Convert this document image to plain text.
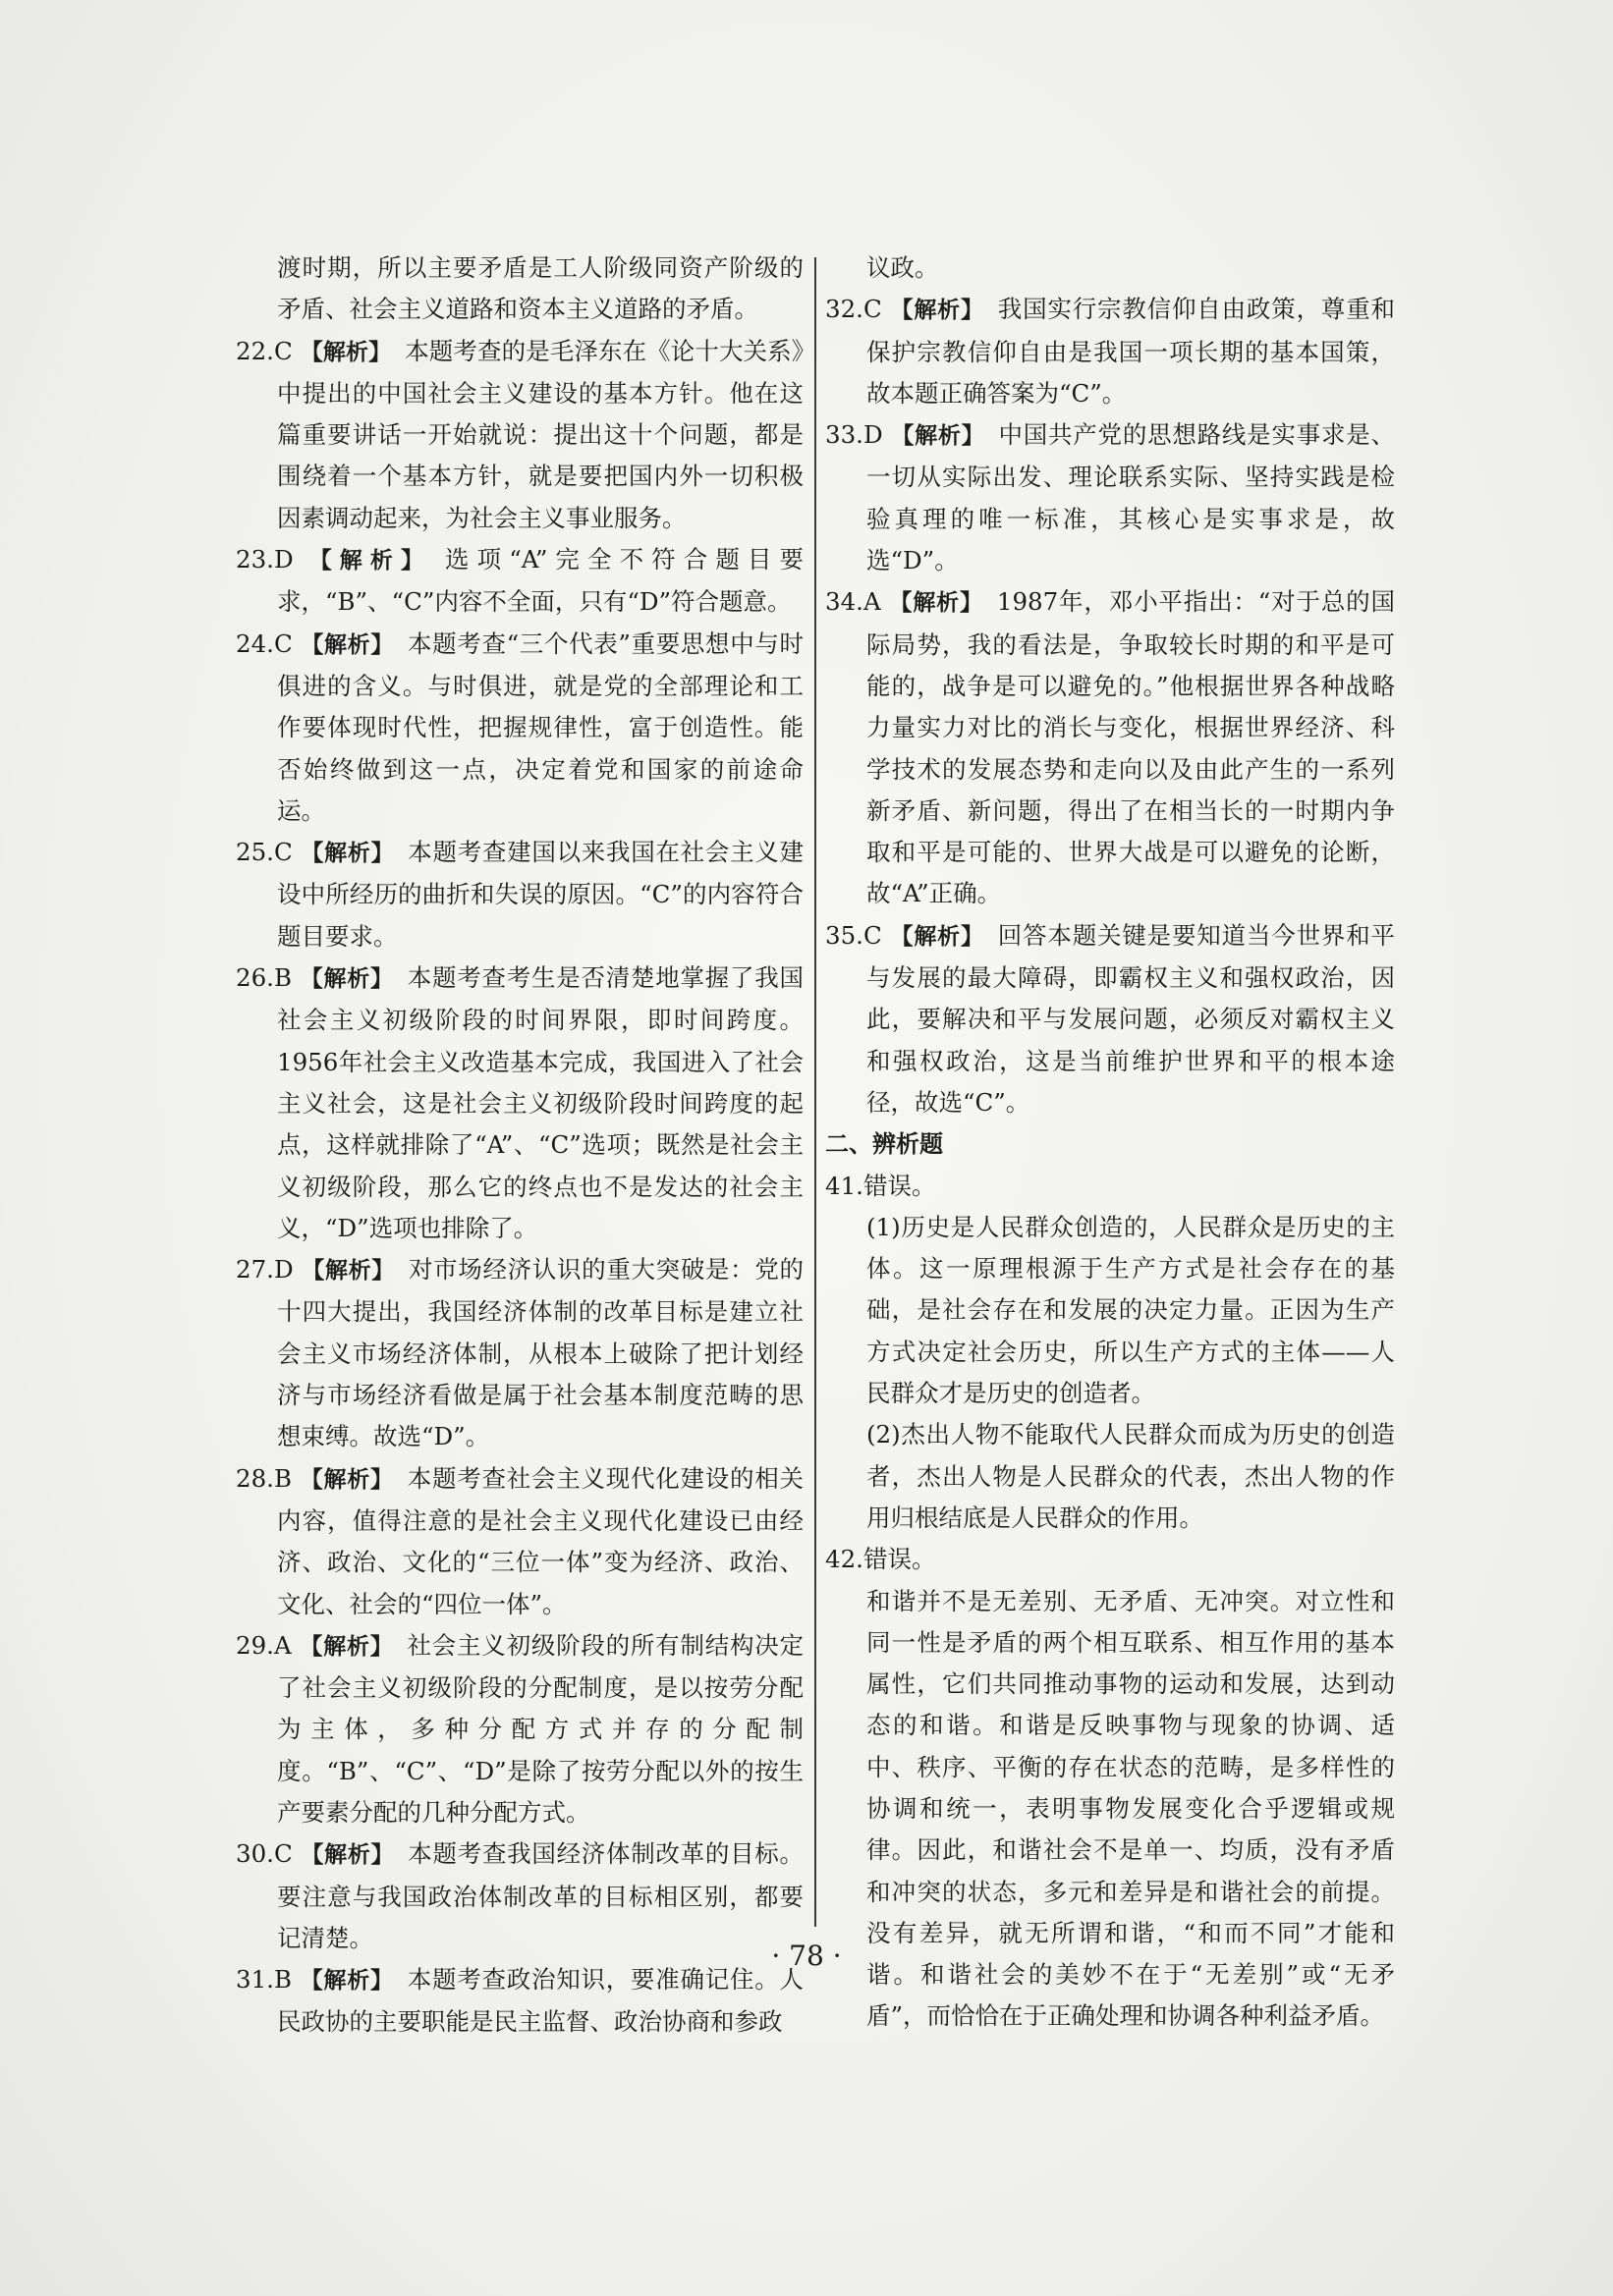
渡时期，所以主要矛盾是工人阶级同资产阶级的矛盾、社会主义道路和资本主义道路的矛盾。
22.C 【解析】 本题考查的是毛泽东在《论十大关系》中提出的中国社会主义建设的基本方针。他在这篇重要讲话一开始就说：提出这十个问题，都是围绕着一个基本方针，就是要把国内外一切积极因素调动起来，为社会主义事业服务。
23.D 【解析】 选项“A”完全不符合题目要求，“B”、“C”内容不全面，只有“D”符合题意。
24.C 【解析】 本题考查“三个代表”重要思想中与时俱进的含义。与时俱进，就是党的全部理论和工作要体现时代性，把握规律性，富于创造性。能否始终做到这一点，决定着党和国家的前途命运。
25.C 【解析】 本题考查建国以来我国在社会主义建设中所经历的曲折和失误的原因。“C”的内容符合题目要求。
26.B 【解析】 本题考查考生是否清楚地掌握了我国社会主义初级阶段的时间界限，即时间跨度。1956年社会主义改造基本完成，我国进入了社会主义社会，这是社会主义初级阶段时间跨度的起点，这样就排除了“A”、“C”选项；既然是社会主义初级阶段，那么它的终点也不是发达的社会主义，“D”选项也排除了。
27.D 【解析】 对市场经济认识的重大突破是：党的十四大提出，我国经济体制的改革目标是建立社会主义市场经济体制，从根本上破除了把计划经济与市场经济看做是属于社会基本制度范畴的思想束缚。故选“D”。
28.B 【解析】 本题考查社会主义现代化建设的相关内容，值得注意的是社会主义现代化建设已由经济、政治、文化的“三位一体”变为经济、政治、文化、社会的“四位一体”。
29.A 【解析】 社会主义初级阶段的所有制结构决定了社会主义初级阶段的分配制度，是以按劳分配为主体，多种分配方式并存的分配制度。“B”、“C”、“D”是除了按劳分配以外的按生产要素分配的几种分配方式。
30.C 【解析】 本题考查我国经济体制改革的目标。要注意与我国政治体制改革的目标相区别，都要记清楚。
31.B 【解析】 本题考查政治知识，要准确记住。人民政协的主要职能是民主监督、政治协商和参政
议政。
32.C 【解析】 我国实行宗教信仰自由政策，尊重和保护宗教信仰自由是我国一项长期的基本国策，故本题正确答案为“C”。
33.D 【解析】 中国共产党的思想路线是实事求是、一切从实际出发、理论联系实际、坚持实践是检验真理的唯一标准，其核心是实事求是，故选“D”。
34.A 【解析】 1987年，邓小平指出：“对于总的国际局势，我的看法是，争取较长时期的和平是可能的，战争是可以避免的。”他根据世界各种战略力量实力对比的消长与变化，根据世界经济、科学技术的发展态势和走向以及由此产生的一系列新矛盾、新问题，得出了在相当长的一时期内争取和平是可能的、世界大战是可以避免的论断，故“A”正确。
35.C 【解析】 回答本题关键是要知道当今世界和平与发展的最大障碍，即霸权主义和强权政治，因此，要解决和平与发展问题，必须反对霸权主义和强权政治，这是当前维护世界和平的根本途径，故选“C”。
二、辨析题
41.错误。
(1)历史是人民群众创造的，人民群众是历史的主体。这一原理根源于生产方式是社会存在的基础，是社会存在和发展的决定力量。正因为生产方式决定社会历史，所以生产方式的主体——人民群众才是历史的创造者。
(2)杰出人物不能取代人民群众而成为历史的创造者，杰出人物是人民群众的代表，杰出人物的作用归根结底是人民群众的作用。
42.错误。
和谐并不是无差别、无矛盾、无冲突。对立性和同一性是矛盾的两个相互联系、相互作用的基本属性，它们共同推动事物的运动和发展，达到动态的和谐。和谐是反映事物与现象的协调、适中、秩序、平衡的存在状态的范畴，是多样性的协调和统一，表明事物发展变化合乎逻辑或规律。因此，和谐社会不是单一、均质，没有矛盾和冲突的状态，多元和差异是和谐社会的前提。没有差异，就无所谓和谐，“和而不同”才能和谐。和谐社会的美妙不在于“无差别”或“无矛盾”，而恰恰在于正确处理和协调各种利益矛盾。
· 78 ·
